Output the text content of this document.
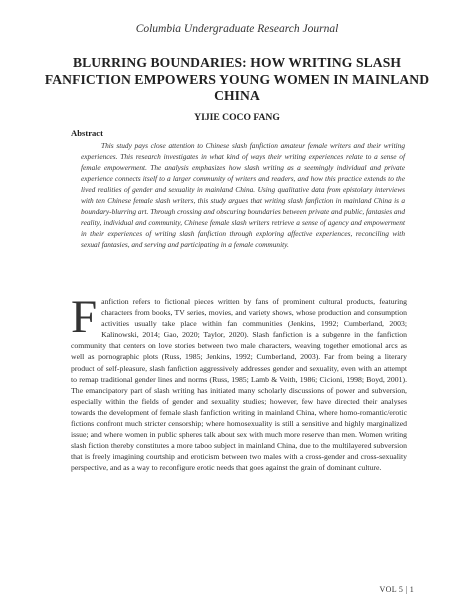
Columbia Undergraduate Research Journal
BLURRING BOUNDARIES: HOW WRITING SLASH FANFICTION EMPOWERS YOUNG WOMEN IN MAINLAND CHINA
YIJIE COCO FANG
Abstract

This study pays close attention to Chinese slash fanfiction amateur female writers and their writing experiences. This research investigates in what kind of ways their writing experiences relate to a sense of female empowerment. The analysis emphasizes how slash writing as a seemingly individual and private experience connects itself to a larger community of writers and readers, and how this practice extends to the lived realities of gender and sexuality in mainland China. Using qualitative data from epistolary interviews with ten Chinese female slash writers, this study argues that writing slash fanfiction in mainland China is a boundary-blurring art. Through crossing and obscuring boundaries between private and public, fantasies and reality, individual and community, Chinese female slash writers retrieve a sense of agency and empowerment in their experiences of writing slash fanfiction through exploring affective experiences, reconciling with sexual fantasies, and serving and participating in a female community.

Fanfiction refers to fictional pieces written by fans of prominent cultural products, featuring characters from books, TV series, movies, and variety shows, whose production and consumption activities usually take place within fan communities (Jenkins, 1992; Cumberland, 2003; Kalinowski, 2014; Gao, 2020; Taylor, 2020). Slash fanfiction is a subgenre in the fanfiction community that centers on love stories between two male characters, weaving together emotional arcs as well as pornographic plots (Russ, 1985; Jenkins, 1992; Cumberland, 2003). Far from being a literary product of self-pleasure, slash fanfiction aggressively addresses gender and sexuality, even with an attempt to remap traditional gender lines and norms (Russ, 1985; Lamb & Veith, 1986; Cicioni, 1998; Boyd, 2001). The emancipatory part of slash writing has initiated many scholarly discussions of power and subversion, especially within the fields of gender and sexuality studies; however, few have directed their analyses towards the development of female slash fanfiction writing in mainland China, where homo-romantic/erotic fictions confront much stricter censorship; where homosexuality is still a sensitive and highly marginalized issue; and where women in public spheres talk about sex with much more reserve than men. Women writing slash fiction thereby constitutes a more taboo subject in mainland China, due to the multilayered subversion that is freely imagining courtship and eroticism between two males with a cross-gender and cross-sexuality perspective, and as a way to reconfigure erotic needs that goes against the grain of dominant culture.

VOL 5 | 1
